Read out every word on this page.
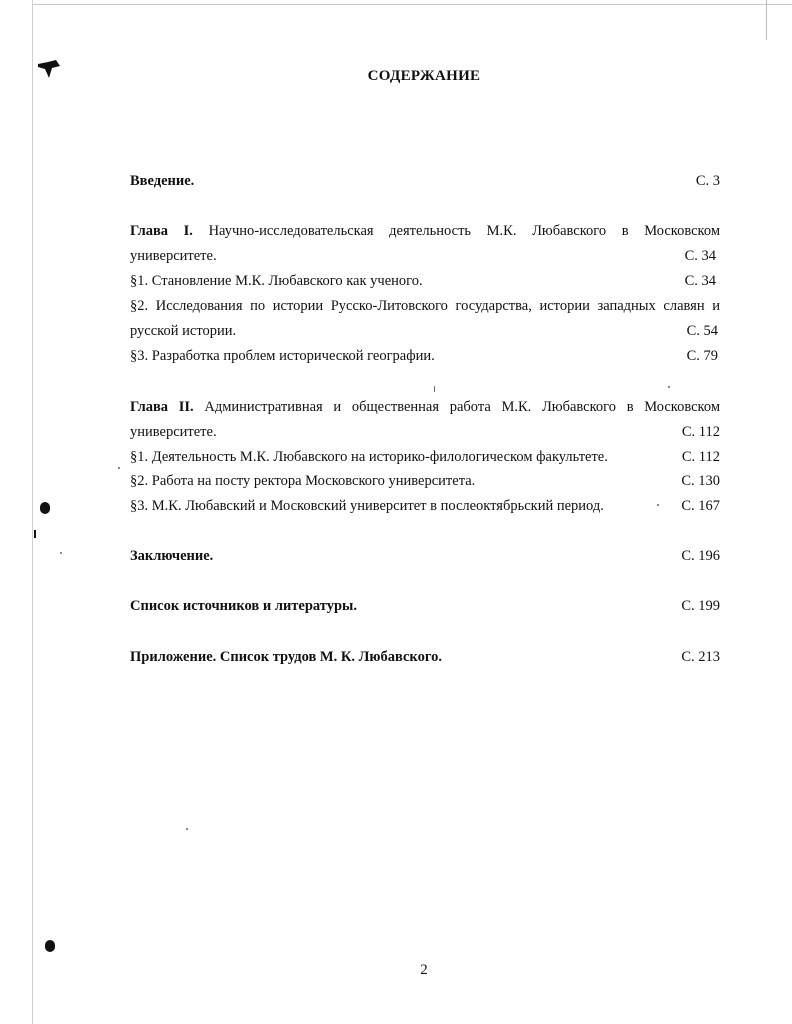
СОДЕРЖАНИЕ
Введение.	С. 3
Глава I. Научно-исследовательская деятельность М.К. Любавского в Московском
университете.	С. 34
§1. Становление М.К. Любавского как ученого.	С. 34
§2. Исследования по истории Русско-Литовского государства, истории западных славян и
русской истории.	С. 54
§3. Разработка проблем исторической географии.	С. 79
Глава II. Административная и общественная работа М.К. Любавского в Московском
университете.	С. 112
§1. Деятельность М.К. Любавского на историко-филологическом факультете.	С. 112
§2. Работа на посту ректора Московского университета.	С. 130
§3. М.К. Любавский и Московский университет в послеоктябрьский период.	С. 167
Заключение.	С. 196
Список источников и литературы.	С. 199
Приложение. Список трудов М. К. Любавского.	С. 213
2
